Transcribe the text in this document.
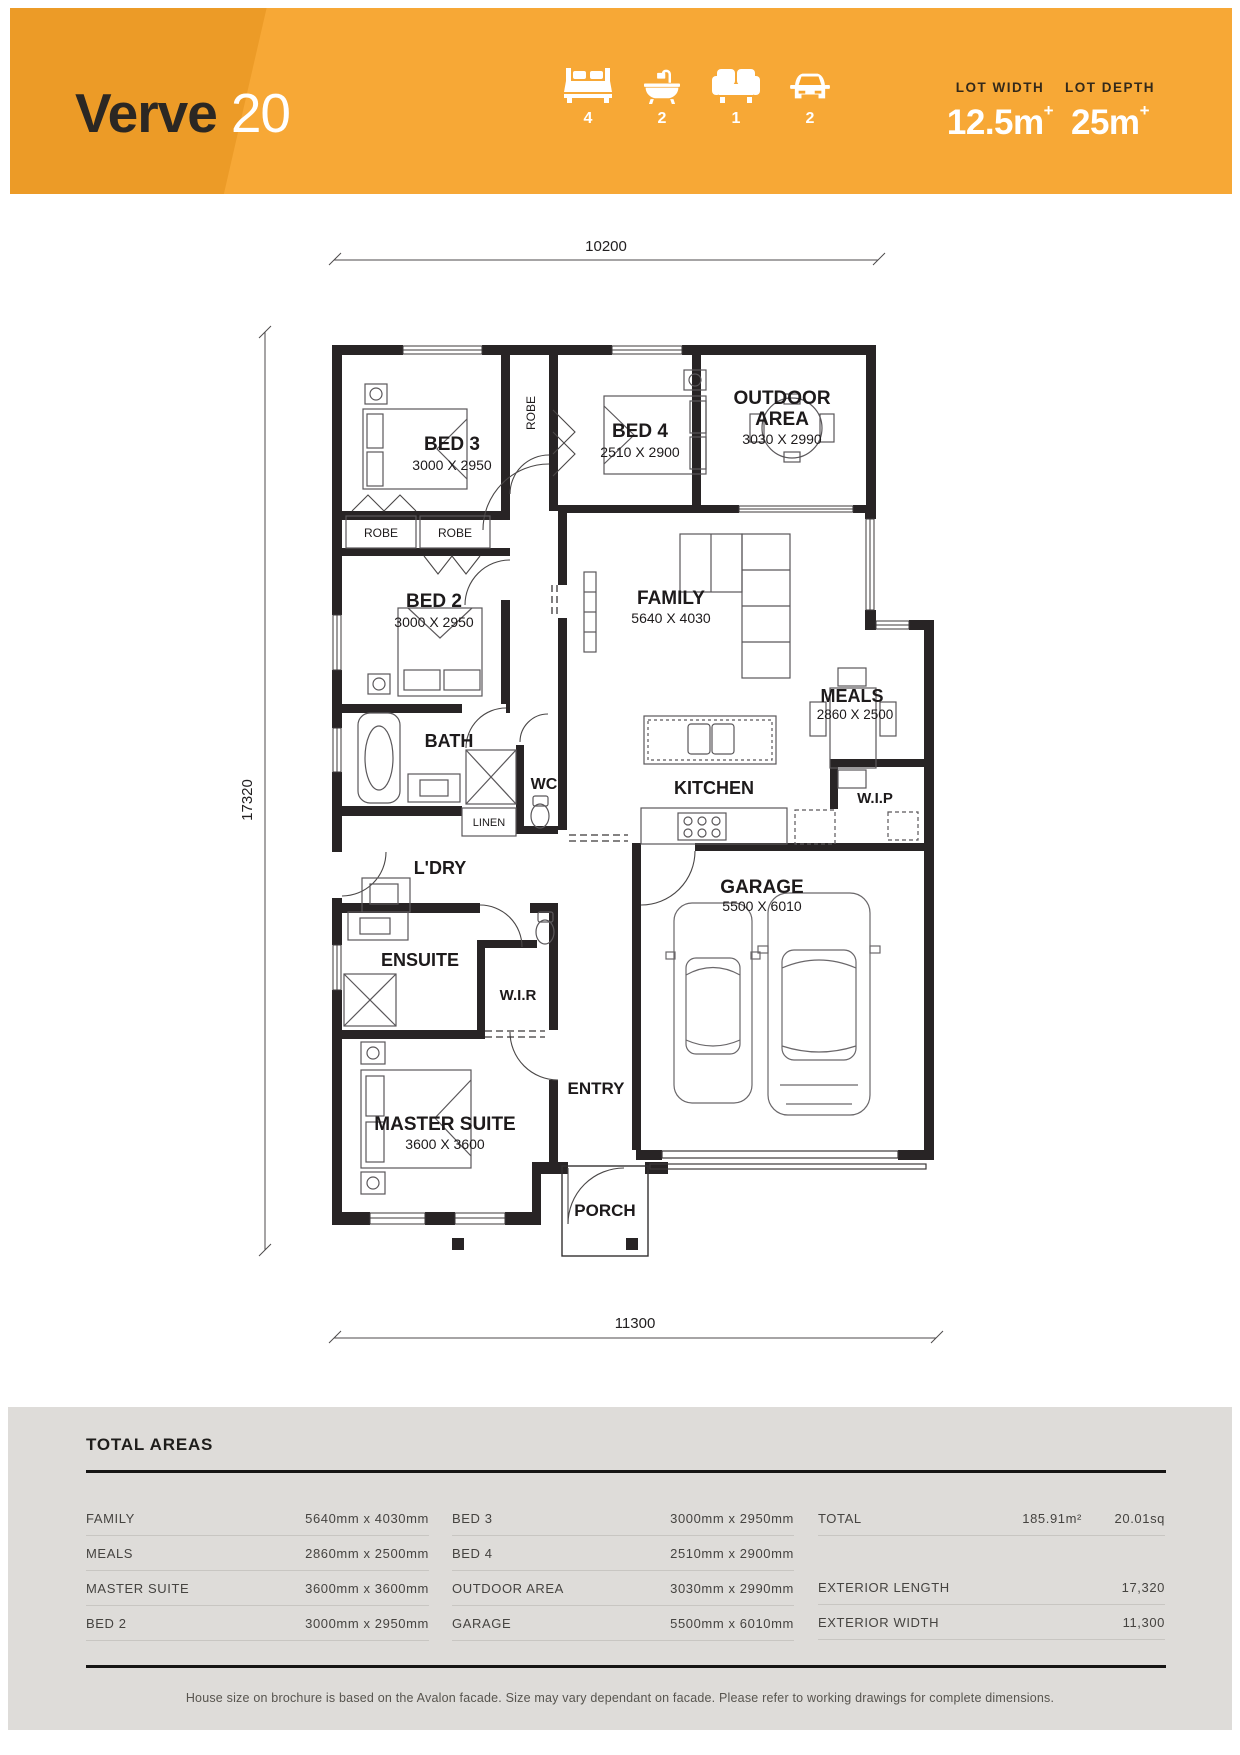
Verve 20	4	2	1	2
LOT WIDTH
12.5m+
LOT DEPTH
25m+
10200
17320
11300
BED 3
3000 X 2950
ROBE
BED 4
2510 X 2900
OUTDOOR
AREA
3030 X 2990
ROBE	ROBE
BED 2
3000 X 2950
FAMILY
5640 X 4030
MEALS
2860 X 2500
BATH
WC
LINEN
KITCHEN
W.I.P
GARAGE
5500 X 6010
L'DRY
ENSUITE
W.I.R
ENTRY
MASTER SUITE
3600 X 3600
PORCH
TOTAL AREAS
FAMILY	5640mm x 4030mm
MEALS	2860mm x 2500mm
MASTER SUITE	3600mm x 3600mm
BED 2	3000mm x 2950mm
BED 3	3000mm x 2950mm
BED 4	2510mm x 2900mm
OUTDOOR AREA	3030mm x 2990mm
GARAGE	5500mm x 6010mm
TOTAL	185.91m²	20.01sq
EXTERIOR LENGTH	17,320
EXTERIOR WIDTH	11,300
House size on brochure is based on the Avalon facade. Size may vary dependant on facade. Please refer to working drawings for complete dimensions.
